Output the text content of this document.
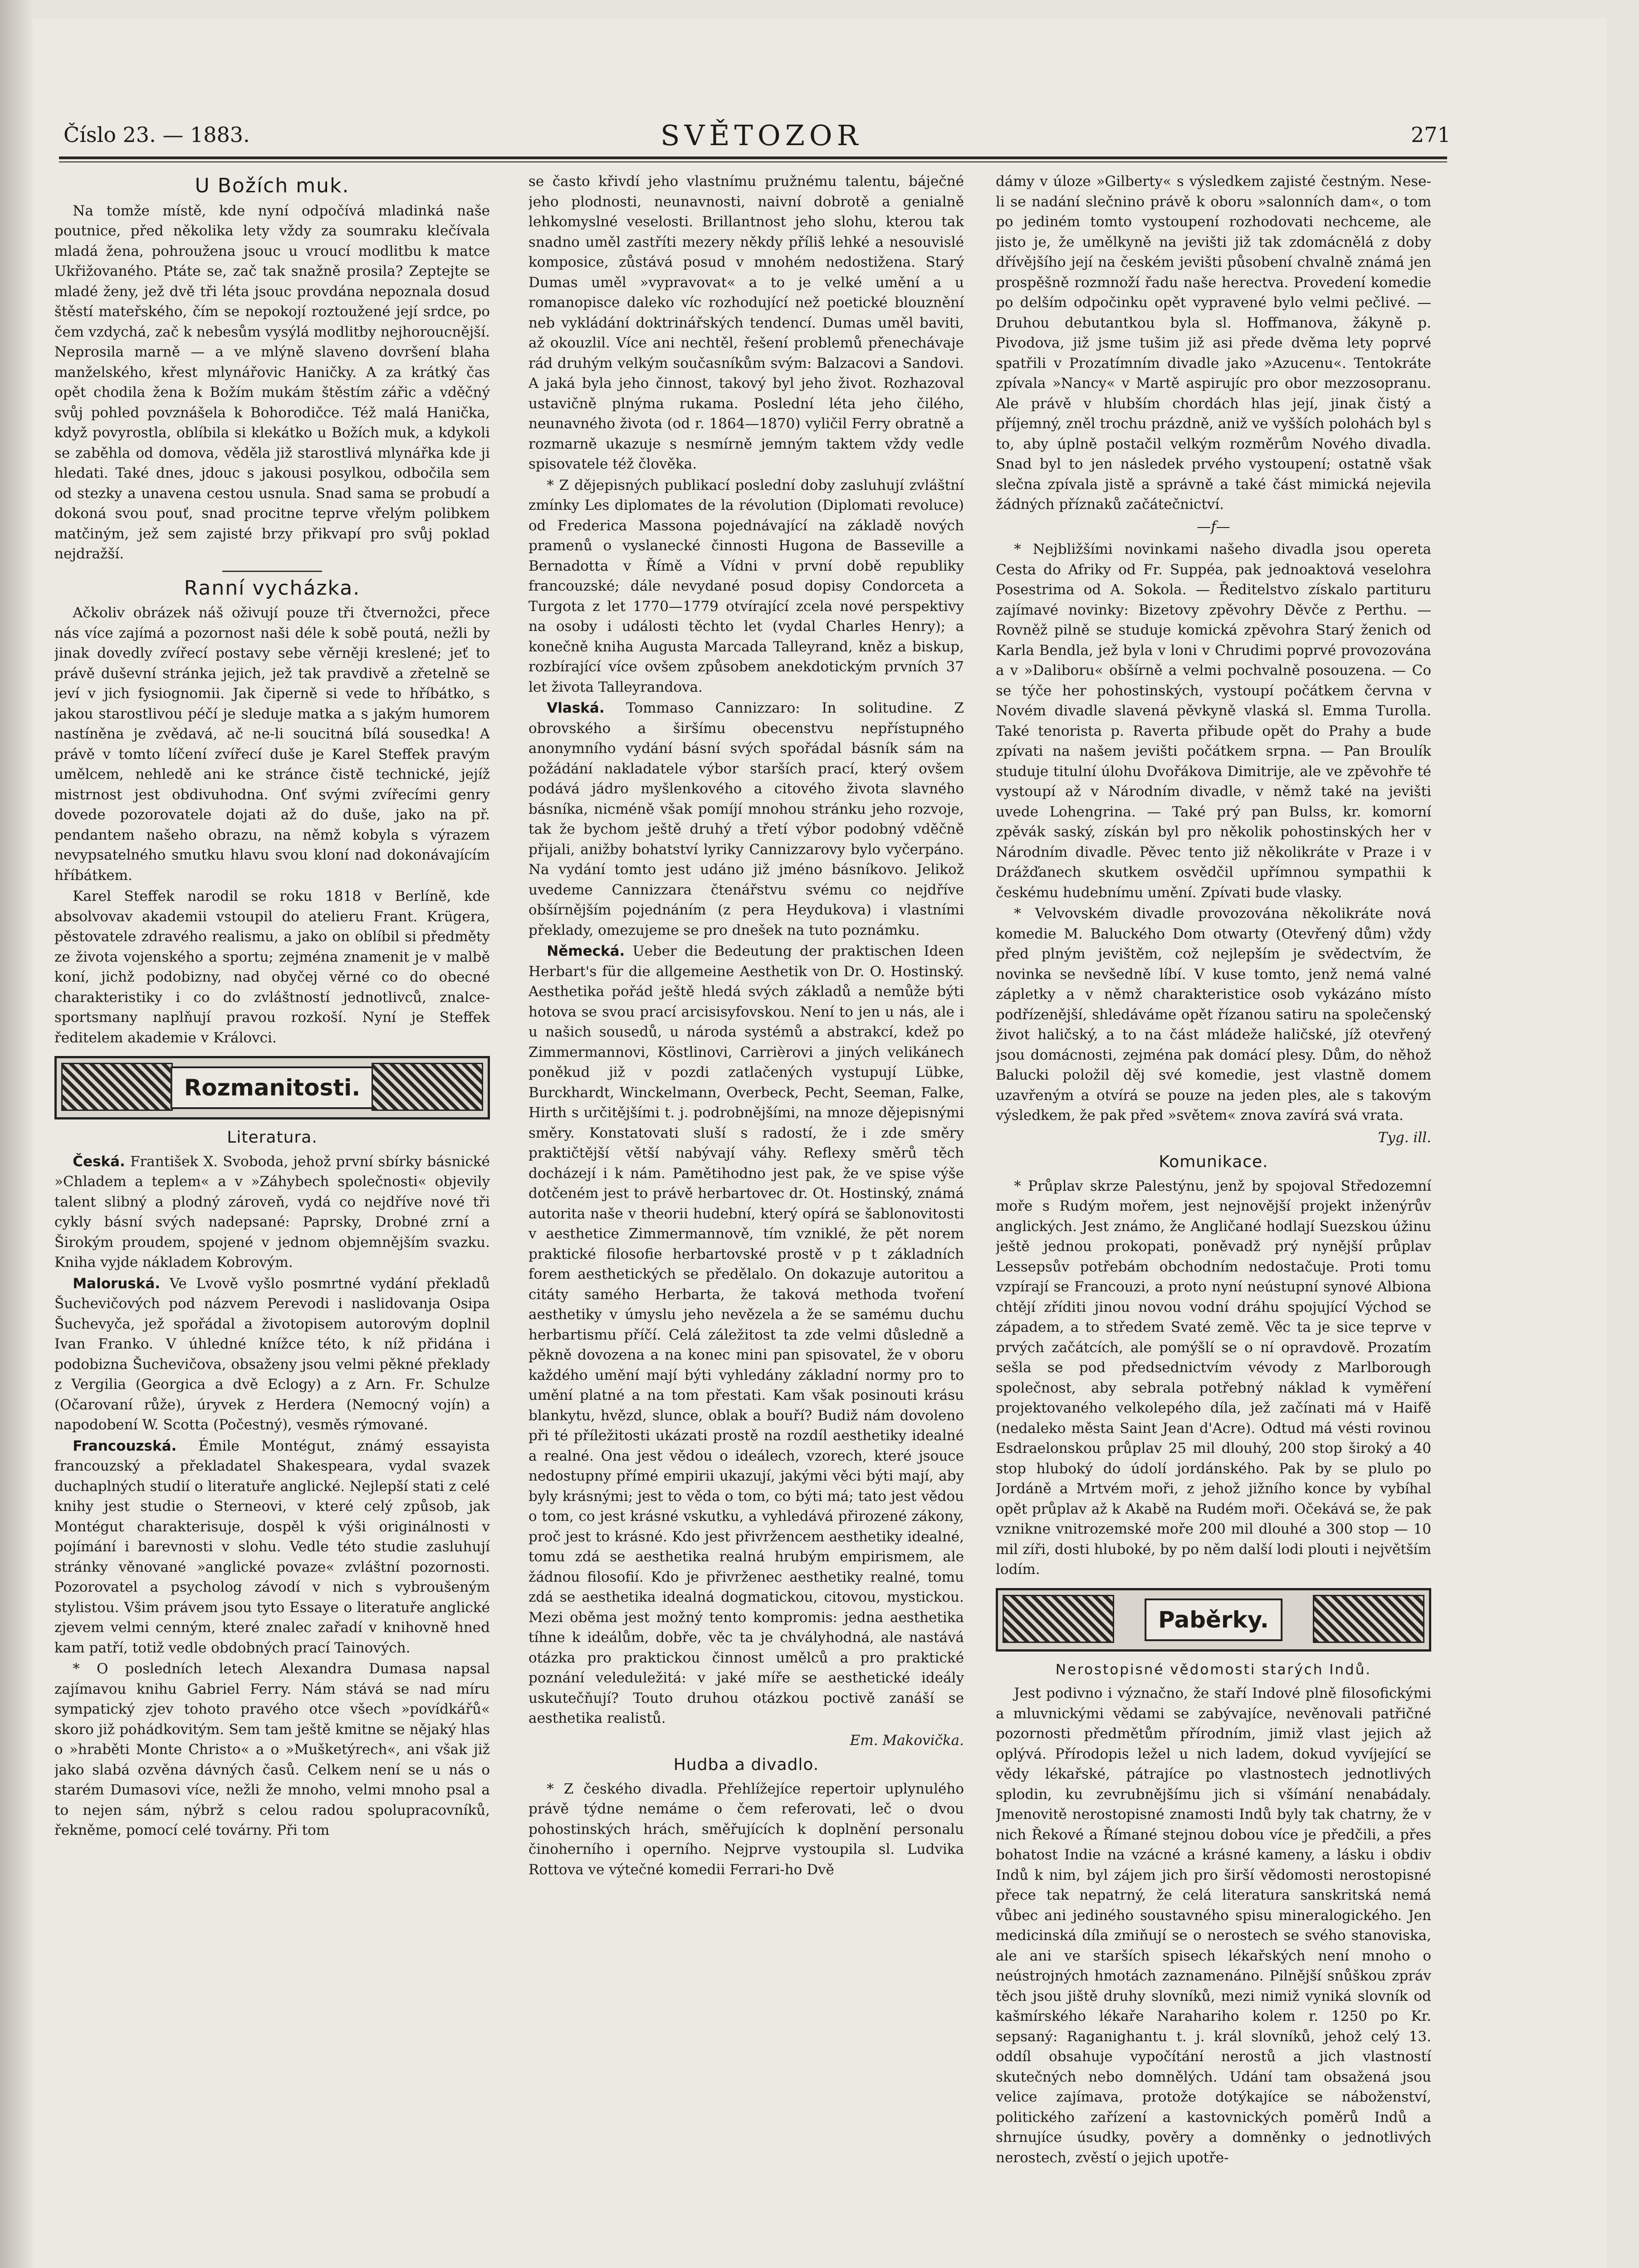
Číslo 23. — 1883.	SVĚTOZOR	271
U Božích muk.

Na tomže místě, kde nyní odpočívá mladinká naše poutnice, před několika lety vždy za soumraku klečívala mladá žena, pohroužena jsouc u vroucí modlitbu k matce Ukřižovaného. Ptáte se, zač tak snažně prosila? Zeptejte se mladé ženy, jež dvě tři léta jsouc provdána nepoznala dosud štěstí mateřského, čím se nepokojí roztoužené její srdce, po čem vzdychá, zač k nebesům vysýlá modlitby nejhoroucnější. Neprosila marně — a ve mlýně slaveno dovršení blaha manželského, křest mlynářovic Haničky. A za krátký čas opět chodila žena k Božím mukám štěstím zářic a vděčný svůj pohled povznášela k Bohorodičce. Též malá Hanička, když povyrostla, oblíbila si klekátko u Božích muk, a kdykoli se zaběhla od domova, věděla již starostlivá mlynářka kde ji hledati. Také dnes, jdouc s jakousi posylkou, odbočila sem od stezky a unavena cestou usnula. Snad sama se probudí a dokoná svou pouť, snad procitne teprve vřelým polibkem matčiným, jež sem zajisté brzy přikvapí pro svůj poklad nejdražší.

Ranní vycházka.

Ačkoliv obrázek náš oživují pouze tři čtvernožci, přece nás více zajímá a pozornost naši déle k sobě poutá, nežli by jinak dovedly zvířecí postavy sebe věrněji kreslené; jeť to právě duševní stránka jejich, jež tak pravdivě a zřetelně se jeví v jich fysiognomii. Jak čiperně si vede to hříbátko, s jakou starostlivou péčí je sleduje matka a s jakým humorem nastíněna je zvědavá, ač ne-li soucitná bílá sousedka! A právě v tomto líčení zvířecí duše je Karel Steffek pravým umělcem, nehledě ani ke stránce čistě technické, jejíž mistrnost jest obdivuhodna. Onť svými zvířecími genry dovede pozorovatele dojati až do duše, jako na př. pendantem našeho obrazu, na němž kobyla s výrazem nevypsatelného smutku hlavu svou kloní nad dokonávajícím hříbátkem.

Karel Steffek narodil se roku 1818 v Berlíně, kde absolvovav akademii vstoupil do atelieru Frant. Krügera, pěstovatele zdravého realismu, a jako on oblíbil si předměty ze života vojenského a sportu; zejména znamenit je v malbě koní, jichž podobizny, nad obyčej věrné co do obecné charakteristiky i co do zvláštností jednotlivců, znalce-sportsmany naplňují pravou rozkoší. Nyní je Steffek ředitelem akademie v Královci.

Rozmanitosti.
Literatura.

Česká. František X. Svoboda, jehož první sbírky básnické »Chladem a teplem« a v »Záhybech společnosti« objevily talent slibný a plodný zároveň, vydá co nejdříve nové tři cykly básní svých nadepsané: Paprsky, Drobné zrní a Širokým proudem, spojené v jednom objemnějším svazku. Kniha vyjde nákladem Kobrovým.

Maloruská. Ve Lvově vyšlo posmrtné vydání překladů Šuchevičových pod názvem Perevodi i naslidovanja Osipa Šuchevyča, jež spořádal a životopisem autorovým doplnil Ivan Franko. V úhledné knížce této, k níž přidána i podobizna Šuchevičova, obsaženy jsou velmi pěkné překlady z Vergilia (Georgica a dvě Eclogy) a z Arn. Fr. Schulze (Očarovaní růže), úryvek z Herdera (Nemocný vojín) a napodobení W. Scotta (Počestný), vesměs rýmované.

Francouzská. Émile Montégut, známý essayista francouzský a překladatel Shakespeara, vydal svazek duchaplných studií o literatuře anglické. Nejlepší stati z celé knihy jest studie o Sterneovi, v které celý způsob, jak Montégut charakterisuje, dospěl k výši originálnosti v pojímání i barevnosti v slohu. Vedle této studie zasluhují stránky věnované »anglické povaze« zvláštní pozornosti. Pozorovatel a psycholog závodí v nich s vybroušeným stylistou. Všim právem jsou tyto Essaye o literatuře anglické zjevem velmi cenným, které znalec zařadí v knihovně hned kam patří, totiž vedle obdobných prací Tainových.

* O posledních letech Alexandra Dumasa napsal zajímavou knihu Gabriel Ferry. Nám stává se nad míru sympatický zjev tohoto pravého otce všech »povídkářů« skoro již pohádkovitým. Sem tam ještě kmitne se nějaký hlas o »hraběti Monte Christo« a o »Mušketýrech«, ani však již jako slabá ozvěna dávných časů. Celkem není se u nás o starém Dumasovi více, nežli že mnoho, velmi mnoho psal a to nejen sám, nýbrž s celou radou spolupracovníků, řekněme, pomocí celé továrny. Při tom

se často křivdí jeho vlastnímu pružnému talentu, báječné jeho plodnosti, neunavnosti, naivní dobrotě a genialně lehkomyslné veselosti. Brillantnost jeho slohu, kterou tak snadno uměl zastříti mezery někdy příliš lehké a nesouvislé komposice, zůstává posud v mnohém nedostižena. Starý Dumas uměl »vypravovat« a to je velké umění a u romanopisce daleko víc rozhodující než poetické blouznění neb vykládání doktrinářských tendencí. Dumas uměl baviti, až okouzlil. Více ani nechtěl, řešení problemů přenechávaje rád druhým velkým současníkům svým: Balzacovi a Sandovi. A jaká byla jeho činnost, takový byl jeho život. Rozhazoval ustavičně plnýma rukama. Poslední léta jeho čilého, neunavného života (od r. 1864—1870) vyličil Ferry obratně a rozmarně ukazuje s nesmírně jemným taktem vždy vedle spisovatele též člověka.

* Z dějepisných publikací poslední doby zasluhují zvláštní zmínky Les diplomates de la révolution (Diplomati revoluce) od Frederica Massona pojednávající na základě nových pramenů o vyslanecké činnosti Hugona de Basseville a Bernadotta v Římě a Vídni v první době republiky francouzské; dále nevydané posud dopisy Condorceta a Turgota z let 1770—1779 otvírající zcela nové perspektivy na osoby i události těchto let (vydal Charles Henry); a konečně kniha Augusta Marcada Talleyrand, kněz a biskup, rozbírající více ovšem způsobem anekdotickým prvních 37 let života Talleyrandova.

Vlaská. Tommaso Cannizzaro: In solitudine. Z obrovského a širšímu obecenstvu nepřístupného anonymního vydání básní svých spořádal básník sám na požádání nakladatele výbor starších prací, který ovšem podává jádro myšlenkového a citového života slavného básníka, nicméně však pomíjí mnohou stránku jeho rozvoje, tak že bychom ještě druhý a třetí výbor podobný vděčně přijali, anižby bohatství lyriky Cannizzarovy bylo vyčerpáno. Na vydání tomto jest udáno již jméno básníkovo. Jelikož uvedeme Cannizzara čtenářstvu svému co nejdříve obšírnějším pojednáním (z pera Heydukova) i vlastními překlady, omezujeme se pro dnešek na tuto poznámku.

Německá. Ueber die Bedeutung der praktischen Ideen Herbart's für die allgemeine Aesthetik von Dr. O. Hostinský. Aesthetika pořád ještě hledá svých základů a nemůže býti hotova se svou prací arcisisyfovskou. Není to jen u nás, ale i u našich sousedů, u národa systémů a abstrakcí, kdež po Zimmermannovi, Köstlinovi, Carrièrovi a jiných velikánech poněkud již v pozdi zatlačených vystupují Lübke, Burckhardt, Winckelmann, Overbeck, Pecht, Seeman, Falke, Hirth s určitějšími t. j. podrobnějšími, na mnoze dějepisnými směry. Konstatovati sluší s radostí, že i zde směry praktičtější větší nabývají váhy. Reflexy směrů těch docházejí i k nám. Pamětihodno jest pak, že ve spise výše dotčeném jest to právě herbartovec dr. Ot. Hostinský, známá autorita naše v theorii hudební, který opírá se šablonovitosti v aesthetice Zimmermannově, tím vzniklé, že pět norem praktické filosofie herbartovské prostě v p t základních forem aesthetických se předělalo. On dokazuje autoritou a citáty samého Herbarta, že taková methoda tvoření aesthetiky v úmyslu jeho nevězela a že se samému duchu herbartismu příčí. Celá záležitost ta zde velmi důsledně a pěkně dovozena a na konec mini pan spisovatel, že v oboru každého umění mají býti vyhledány základní normy pro to umění platné a na tom přestati. Kam však posinouti krásu blankytu, hvězd, slunce, oblak a bouří? Budiž nám dovoleno při té příležitosti ukázati prostě na rozdíl aesthetiky idealné a realné. Ona jest vědou o ideálech, vzorech, které jsouce nedostupny přímé empirii ukazují, jakými věci býti mají, aby byly krásnými; jest to věda o tom, co býti má; tato jest vědou o tom, co jest krásné vskutku, a vyhledává přirozené zákony, proč jest to krásné. Kdo jest přivržencem aesthetiky idealné, tomu zdá se aesthetika realná hrubým empirismem, ale žádnou filosofií. Kdo je přivrženec aesthetiky realné, tomu zdá se aesthetika idealná dogmatickou, citovou, mystickou. Mezi oběma jest možný tento kompromis: jedna aesthetika tíhne k ideálům, dobře, věc ta je chvályhodná, ale nastává otázka pro praktickou činnost umělců a pro praktické poznání veleduležitá: v jaké míře se aesthetické ideály uskutečňují? Touto druhou otázkou poctivě zanáší se aesthetika realistů.

Em. Makovička.
Hudba a divadlo.

* Z českého divadla. Přehlížejíce repertoir uplynulého právě týdne nemáme o čem referovati, leč o dvou pohostinských hrách, směřujících k doplnění personalu činoherního i operního. Nejprve vystoupila sl. Ludvika Rottova ve výtečné komedii Ferrari-ho Dvě

dámy v úloze »Gilberty« s výsledkem zajisté čestným. Nese-li se nadání slečnino právě k oboru »salonních dam«, o tom po jediném tomto vystoupení rozhodovati nechceme, ale jisto je, že umělkyně na jevišti již tak zdomácnělá z doby dřívějšího její na českém jevišti působení chvalně známá jen prospěšně rozmnoží řadu naše herectva. Provedení komedie po delším odpočinku opět vypravené bylo velmi pečlivé. — Druhou debutantkou byla sl. Hoffmanova, žákyně p. Pivodova, již jsme tušim již asi přede dvěma lety poprvé spatřili v Prozatímním divadle jako »Azucenu«. Tentokráte zpívala »Nancy« v Martě aspirujíc pro obor mezzosopranu. Ale právě v hlubším chordách hlas její, jinak čistý a příjemný, zněl trochu prázdně, aniž ve vyšších polohách byl s to, aby úplně postačil velkým rozměrům Nového divadla. Snad byl to jen následek prvého vystoupení; ostatně však slečna zpívala jistě a správně a také část mimická nejevila žádných příznaků začátečnictví.

—f—

* Nejbližšími novinkami našeho divadla jsou opereta Cesta do Afriky od Fr. Suppéa, pak jednoaktová veselohra Posestrima od A. Sokola. — Ředitelstvo získalo partituru zajímavé novinky: Bizetovy zpěvohry Děvče z Perthu. — Rovněž pilně se studuje komická zpěvohra Starý ženich od Karla Bendla, jež byla v loni v Chrudimi poprvé provozována a v »Daliboru« obšírně a velmi pochvalně posouzena. — Co se týče her pohostinských, vystoupí počátkem června v Novém divadle slavená pěvkyně vlaská sl. Emma Turolla. Také tenorista p. Raverta přibude opět do Prahy a bude zpívati na našem jevišti počátkem srpna. — Pan Broulík studuje titulní úlohu Dvořákova Dimitrije, ale ve zpěvohře té vystoupí až v Národním divadle, v němž také na jevišti uvede Lohengrina. — Také prý pan Bulss, kr. komorní zpěvák saský, získán byl pro několik pohostinských her v Národním divadle. Pěvec tento již několikráte v Praze i v Drážďanech skutkem osvědčil upřímnou sympathii k českému hudebnímu umění. Zpívati bude vlasky.

* Velvovském divadle provozována několikráte nová komedie M. Baluckého Dom otwarty (Otevřený dům) vždy před plným jevištěm, což nejlepším je svědectvím, že novinka se nevšedně líbí. V kuse tomto, jenž nemá valné zápletky a v němž charakteristice osob vykázáno místo podřízenější, shledáváme opět řízanou satiru na společenský život haličský, a to na část mládeže haličské, jíž otevřený jsou domácnosti, zejména pak domácí plesy. Dům, do něhož Balucki položil děj své komedie, jest vlastně domem uzavřeným a otvírá se pouze na jeden ples, ale s takovým výsledkem, že pak před »světem« znova zavírá svá vrata.

Tyg. ill.
Komunikace.

* Průplav skrze Palestýnu, jenž by spojoval Středozemní moře s Rudým mořem, jest nejnovější projekt inženýrův anglických. Jest známo, že Angličané hodlají Suezskou úžinu ještě jednou prokopati, poněvadž prý nynější průplav Lessepsův potřebám obchodním nedostačuje. Proti tomu vzpírají se Francouzi, a proto nyní neústupní synové Albiona chtějí zříditi jinou novou vodní dráhu spojující Východ se západem, a to středem Svaté země. Věc ta je sice teprve v prvých začátcích, ale pomýšlí se o ní opravdově. Prozatím sešla se pod předsednictvím vévody z Marlborough společnost, aby sebrala potřebný náklad k vyměření projektovaného velkolepého díla, jež začínati má v Haifě (nedaleko města Saint Jean d'Acre). Odtud má vésti rovinou Esdraelonskou průplav 25 mil dlouhý, 200 stop široký a 40 stop hluboký do údolí jordánského. Pak by se plulo po Jordáně a Mrtvém moři, z jehož jižního konce by vybíhal opět průplav až k Akabě na Rudém moři. Očekává se, že pak vznikne vnitrozemské moře 200 mil dlouhé a 300 stop — 10 mil zíři, dosti hluboké, by po něm další lodi plouti i největším lodím.

Paběrky.
Nerostopisné vědomosti starých Indů.

Jest podivno i význačno, že staří Indové plně filosofickými a mluvnickými vědami se zabývajíce, nevěnovali patřičné pozornosti předmětům přírodním, jimiž vlast jejich až oplývá. Přírodopis ležel u nich ladem, dokud vyvíjející se vědy lékařské, pátrajíce po vlastnostech jednotlivých splodin, ku zevrubnějšímu jich si všímání nenabádaly. Jmenovitě nerostopisné znamosti Indů byly tak chatrny, že v nich Řekové a Římané stejnou dobou více je předčili, a přes bohatost Indie na vzácné a krásné kameny, a lásku i obdiv Indů k nim, byl zájem jich pro širší vědomosti nerostopisné přece tak nepatrný, že celá literatura sanskritská nemá vůbec ani jediného soustavného spisu mineralogického. Jen medicinská díla zmiňují se o nerostech se svého stanoviska, ale ani ve starších spisech lékařských není mnoho o neústrojných hmotách zaznamenáno. Pilnější snůškou zpráv těch jsou jiště druhy slovníků, mezi nimiž vyniká slovník od kašmírského lékaře Narahariho kolem r. 1250 po Kr. sepsaný: Raganighantu t. j. král slovníků, jehož celý 13. oddíl obsahuje vypočítání nerostů a jich vlastností skutečných nebo domnělých. Udání tam obsažená jsou velice zajímava, protože dotýkajíce se náboženství, politického zařízení a kastovnických poměrů Indů a shrnujíce úsudky, pověry a domněnky o jednotlivých nerostech, zvěstí o jejich upotře-
